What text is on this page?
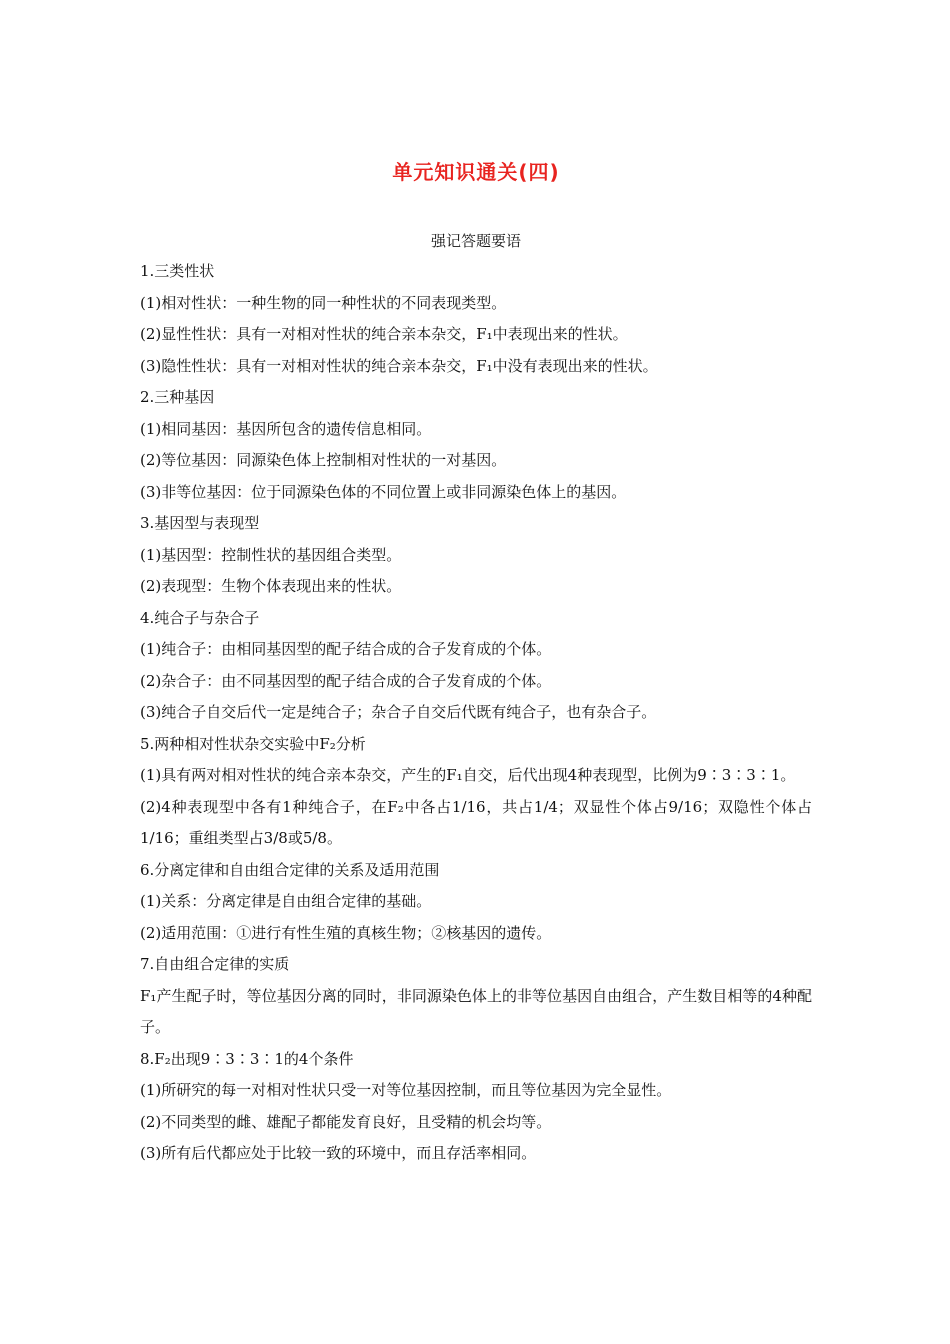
单元知识通关(四)
强记答题要语
1.三类性状
(1)相对性状：一种生物的同一种性状的不同表现类型。
(2)显性性状：具有一对相对性状的纯合亲本杂交，F₁中表现出来的性状。
(3)隐性性状：具有一对相对性状的纯合亲本杂交，F₁中没有表现出来的性状。
2.三种基因
(1)相同基因：基因所包含的遗传信息相同。
(2)等位基因：同源染色体上控制相对性状的一对基因。
(3)非等位基因：位于同源染色体的不同位置上或非同源染色体上的基因。
3.基因型与表现型
(1)基因型：控制性状的基因组合类型。
(2)表现型：生物个体表现出来的性状。
4.纯合子与杂合子
(1)纯合子：由相同基因型的配子结合成的合子发育成的个体。
(2)杂合子：由不同基因型的配子结合成的合子发育成的个体。
(3)纯合子自交后代一定是纯合子；杂合子自交后代既有纯合子，也有杂合子。
5.两种相对性状杂交实验中F₂分析
(1)具有两对相对性状的纯合亲本杂交，产生的F₁自交，后代出现4种表现型，比例为9∶3∶3∶1。
(2)4种表现型中各有1种纯合子，在F₂中各占1/16，共占1/4；双显性个体占9/16；双隐性个体占1/16；重组类型占3/8或5/8。
6.分离定律和自由组合定律的关系及适用范围
(1)关系：分离定律是自由组合定律的基础。
(2)适用范围：①进行有性生殖的真核生物；②核基因的遗传。
7.自由组合定律的实质
F₁产生配子时，等位基因分离的同时，非同源染色体上的非等位基因自由组合，产生数目相等的4种配子。
8.F₂出现9∶3∶3∶1的4个条件
(1)所研究的每一对相对性状只受一对等位基因控制，而且等位基因为完全显性。
(2)不同类型的雌、雄配子都能发育良好，且受精的机会均等。
(3)所有后代都应处于比较一致的环境中，而且存活率相同。
